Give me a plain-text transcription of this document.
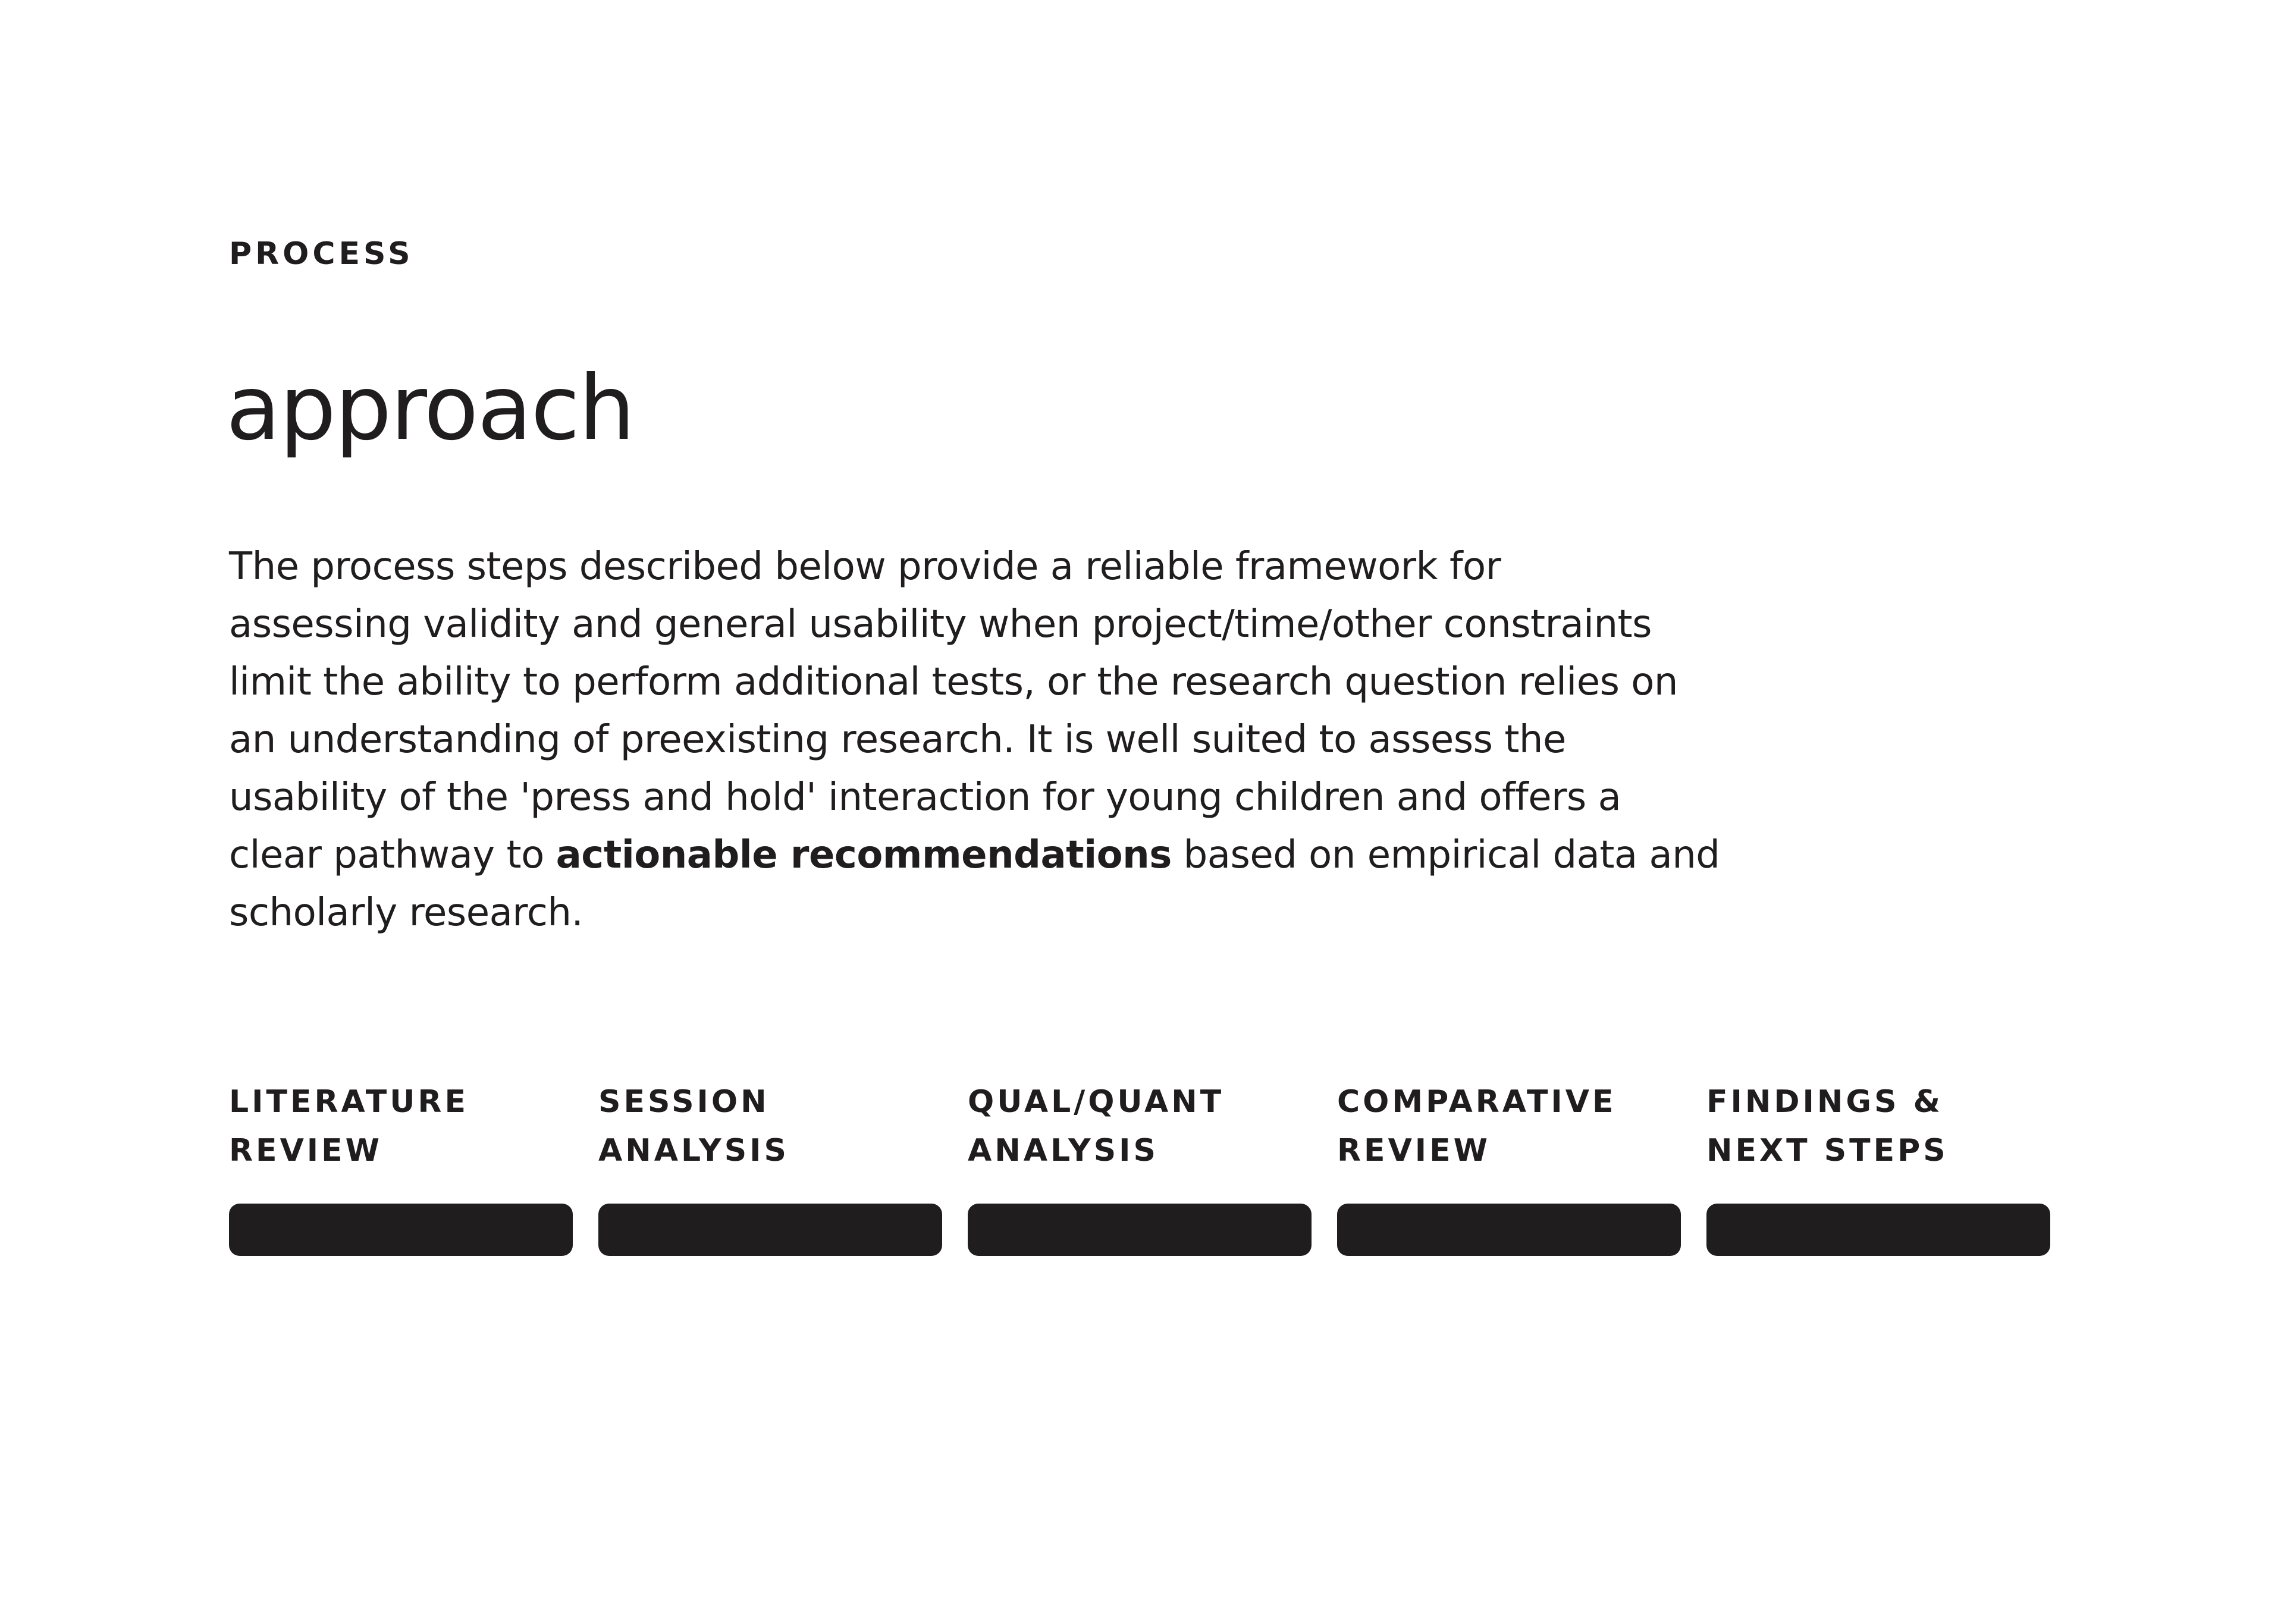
PROCESS
approach

The process steps described below provide a reliable framework for
assessing validity and general usability when project/time/other constraints
limit the ability to perform additional tests, or the research question relies on
an understanding of preexisting research. It is well suited to assess the
usability of the 'press and hold' interaction for young children and offers a
clear pathway to actionable recommendations based on empirical data and
scholarly research.

LITERATURE
REVIEW
SESSION
ANALYSIS
QUAL/QUANT
ANALYSIS
COMPARATIVE
REVIEW
FINDINGS &
NEXT STEPS
